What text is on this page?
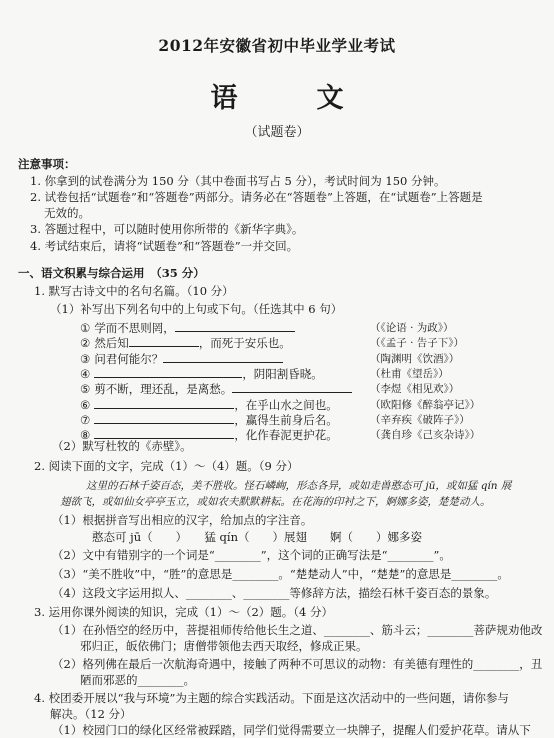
2012年安徽省初中毕业学业考试
语　文
（试题卷）
注意事项：
1. 你拿到的试卷满分为 150 分（其中卷面书写占 5 分），考试时间为 150 分钟。
2. 试卷包括“试题卷”和“答题卷”两部分。请务必在“答题卷”上答题，在“试题卷”上答题是
无效的。
3. 答题过程中，可以随时使用你所带的《新华字典》。
4. 考试结束后，请将“试题卷”和“答题卷”一并交回。
一、语文积累与综合运用　（35 分）
1. 默写古诗文中的名句名篇。（10 分）
（1）补写出下列名句中的上句或下句。（任选其中 6 句）
① 学而不思则罔，	（《论语 · 为政》）
② 然后知	，而死于安乐也。	（《孟子 · 告子下》）
③ 问君何能尔？	（陶渊明《饮酒》）
④	，阴阳割昏晓。	（杜甫《望岳》）
⑤ 剪不断，理还乱，是离愁。	（李煜《相见欢》）
⑥	，在乎山水之间也。	（欧阳修《醉翁亭记》）
⑦	，赢得生前身后名。	（辛弃疾《破阵子》）
⑧	，化作春泥更护花。	（龚自珍《己亥杂诗》）
（2）默写杜牧的《赤壁》。
2. 阅读下面的文字，完成（1）～（4）题。（9 分）
这里的石林千姿百态，美不胜收。怪石嶙峋，形态各异，或如走兽憨态可 jū，或如猛 qín 展
翅欲飞，或如仙女亭亭玉立，或如农夫默默耕耘。在花海的印衬之下，婀娜多姿，楚楚动人。
（1）根据拼音写出相应的汉字，给加点的字注音。
憨态可 jū（　　）　　猛 qín（　　）展翅　　婀（　　）娜多姿
（2）文中有错别字的一个词是“________”，这个词的正确写法是“________”。
（3）“美不胜收”中，“胜”的意思是________。“楚楚动人”中，“楚楚”的意思是________。
（4）这段文字运用拟人、________、________等修辞方法，描绘石林千姿百态的景象。
3. 运用你课外阅读的知识，完成（1）～（2）题。（4 分）
（1）在孙悟空的经历中，菩提祖师传给他长生之道、________、筋斗云；________菩萨规劝他改
邪归正，皈依佛门；唐僧带领他去西天取经，修成正果。
（2）格列佛在最后一次航海奇遇中，接触了两种不可思议的动物：有美德有理性的________，丑
陋而邪恶的________。
4. 校团委开展以“我与环境”为主题的综合实践活动。下面是这次活动中的一些问题，请你参与
解决。（12 分）
（1）校园门口的绿化区经常被踩踏，同学们觉得需要立一块牌子，提醒人们爱护花草。请从下
